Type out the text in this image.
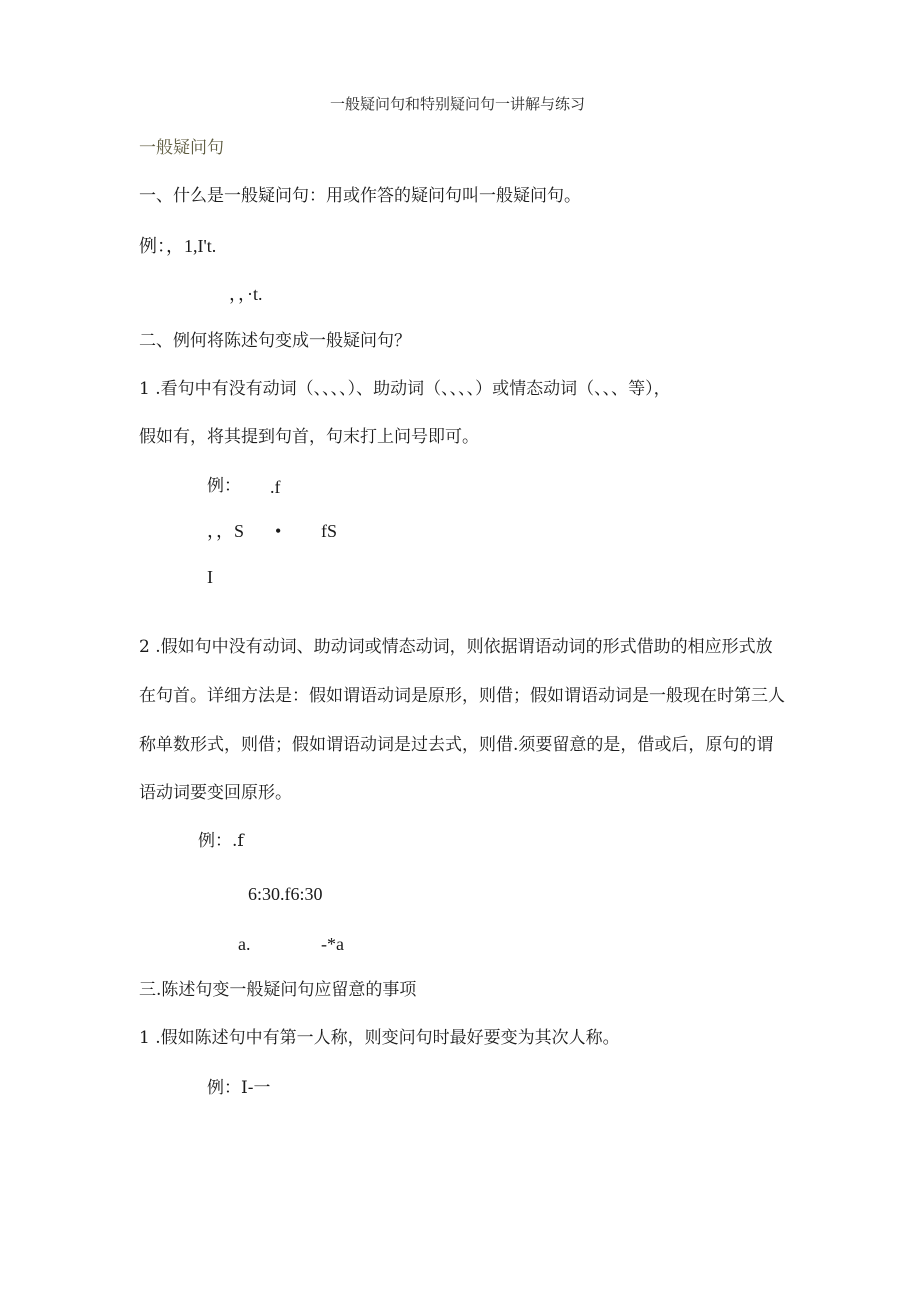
一般疑问句和特别疑问句一讲解与练习
一般疑问句
一、什么是一般疑问句：用或作答的疑问句叫一般疑问句。
例：，1,I't.
，，·t.
二、例何将陈述句变成一般疑问句？
1 .看句中有没有动词（、、、、）、助动词（、、、、）或情态动词（、、、等），
假如有，将其提到句首，句末打上问号即可。
例： .f
，，S • fS
I
2 .假如句中没有动词、助动词或情态动词，则依据谓语动词的形式借助的相应形式放
在句首。详细方法是：假如谓语动词是原形，则借；假如谓语动词是一般现在时第三人
称单数形式，则借；假如谓语动词是过去式，则借.须要留意的是，借或后，原句的谓
语动词要变回原形。
例：.f
6:30.f6:30
a.	-*a
三.陈述句变一般疑问句应留意的事项
1 .假如陈述句中有第一人称，则变问句时最好要变为其次人称。
例：I-一
